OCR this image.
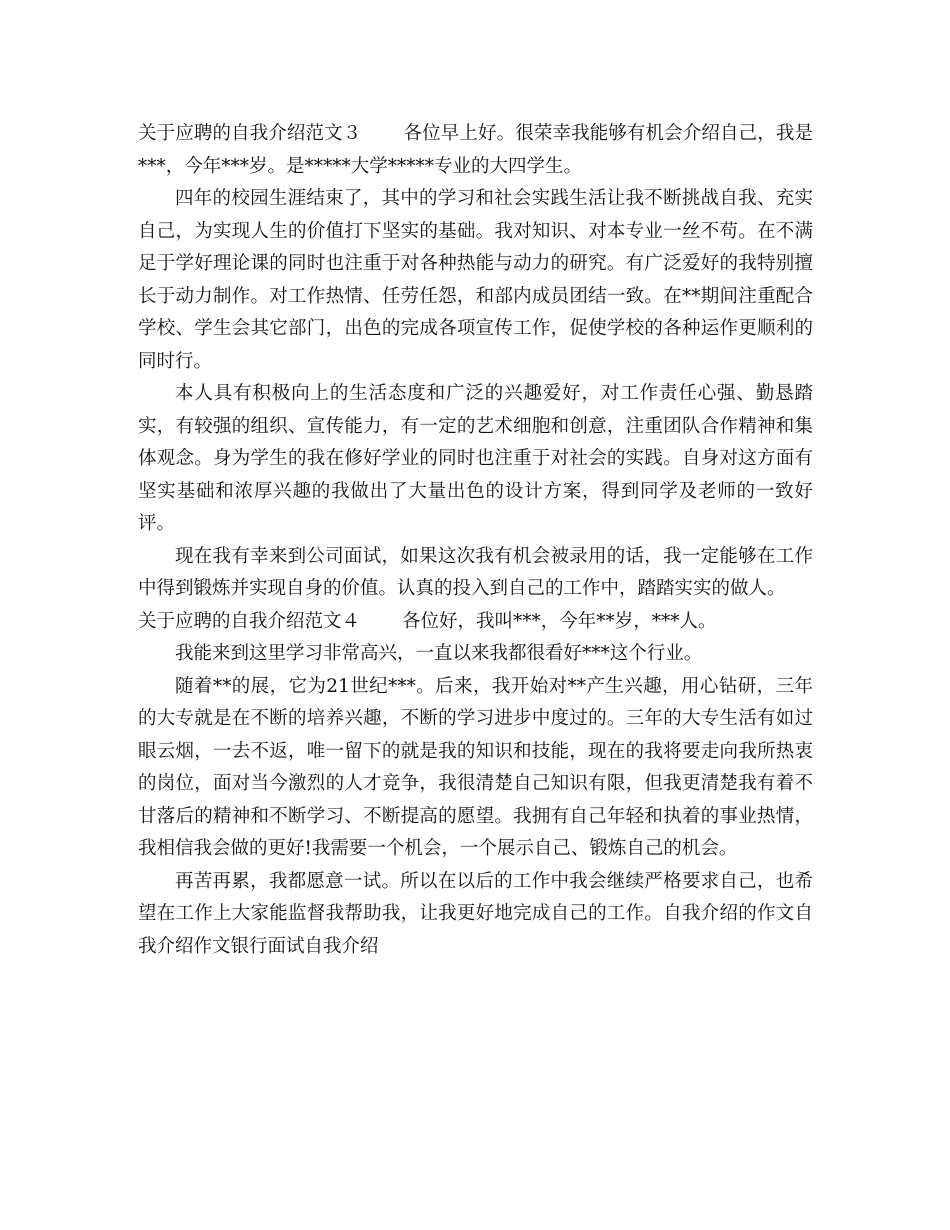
关于应聘的自我介绍范文３ 各位早上好。很荣幸我能够有机会介绍自己，我是***，今年***岁。是*****大学*****专业的大四学生。

四年的校园生涯结束了，其中的学习和社会实践生活让我不断挑战自我、充实自己，为实现人生的价值打下坚实的基础。我对知识、对本专业一丝不苟。在不满足于学好理论课的同时也注重于对各种热能与动力的研究。有广泛爱好的我特别擅长于动力制作。对工作热情、任劳任怨，和部内成员团结一致。在**期间注重配合学校、学生会其它部门，出色的完成各项宣传工作，促使学校的各种运作更顺利的同时行。

本人具有积极向上的生活态度和广泛的兴趣爱好，对工作责任心强、勤恳踏实，有较强的组织、宣传能力，有一定的艺术细胞和创意，注重团队合作精神和集体观念。身为学生的我在修好学业的同时也注重于对社会的实践。自身对这方面有坚实基础和浓厚兴趣的我做出了大量出色的设计方案，得到同学及老师的一致好评。

现在我有幸来到公司面试，如果这次我有机会被录用的话，我一定能够在工作中得到锻炼并实现自身的价值。认真的投入到自己的工作中，踏踏实实的做人。

关于应聘的自我介绍范文４ 各位好，我叫***，今年**岁，***人。

我能来到这里学习非常高兴，一直以来我都很看好***这个行业。

随着**的展，它为21世纪***。后来，我开始对**产生兴趣，用心钻研，三年的大专就是在不断的培养兴趣，不断的学习进步中度过的。三年的大专生活有如过眼云烟，一去不返，唯一留下的就是我的知识和技能，现在的我将要走向我所热衷的岗位，面对当今激烈的人才竞争，我很清楚自己知识有限，但我更清楚我有着不甘落后的精神和不断学习、不断提高的愿望。我拥有自己年轻和执着的事业热情，我相信我会做的更好!我需要一个机会，一个展示自己、锻炼自己的机会。

再苦再累，我都愿意一试。所以在以后的工作中我会继续严格要求自己，也希望在工作上大家能监督我帮助我，让我更好地完成自己的工作。自我介绍的作文自我介绍作文银行面试自我介绍
